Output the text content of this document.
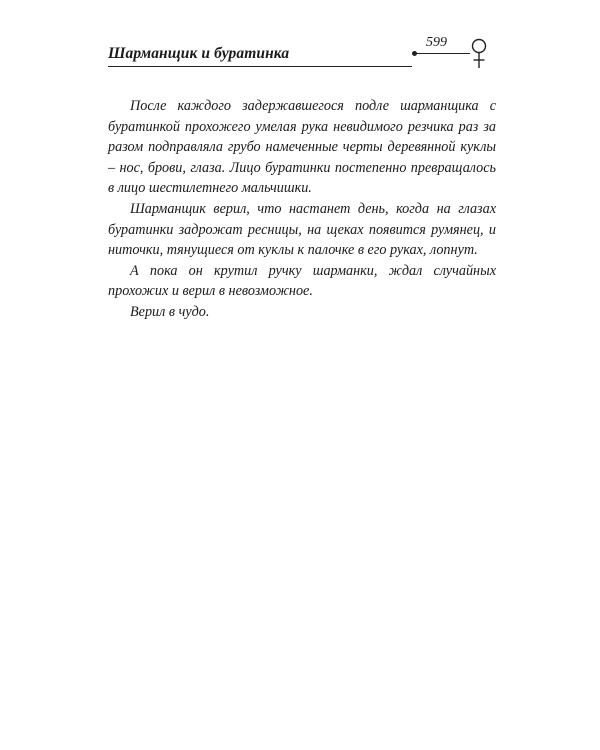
Шарманщик и буратинка
599

После каждого задержавшегося подле шарманщика с буратинкой прохожего умелая рука невидимого резчика раз за разом подправляла грубо намеченные черты деревянной куклы – нос, брови, глаза. Лицо буратинки постепенно превращалось в лицо шестилетнего мальчишки.

Шарманщик верил, что настанет день, когда на глазах буратинки задрожат ресницы, на щеках появится румянец, и ниточки, тянущиеся от куклы к палочке в его руках, лопнут.

А пока он крутил ручку шарманки, ждал случайных прохожих и верил в невозможное.

Верил в чудо.
